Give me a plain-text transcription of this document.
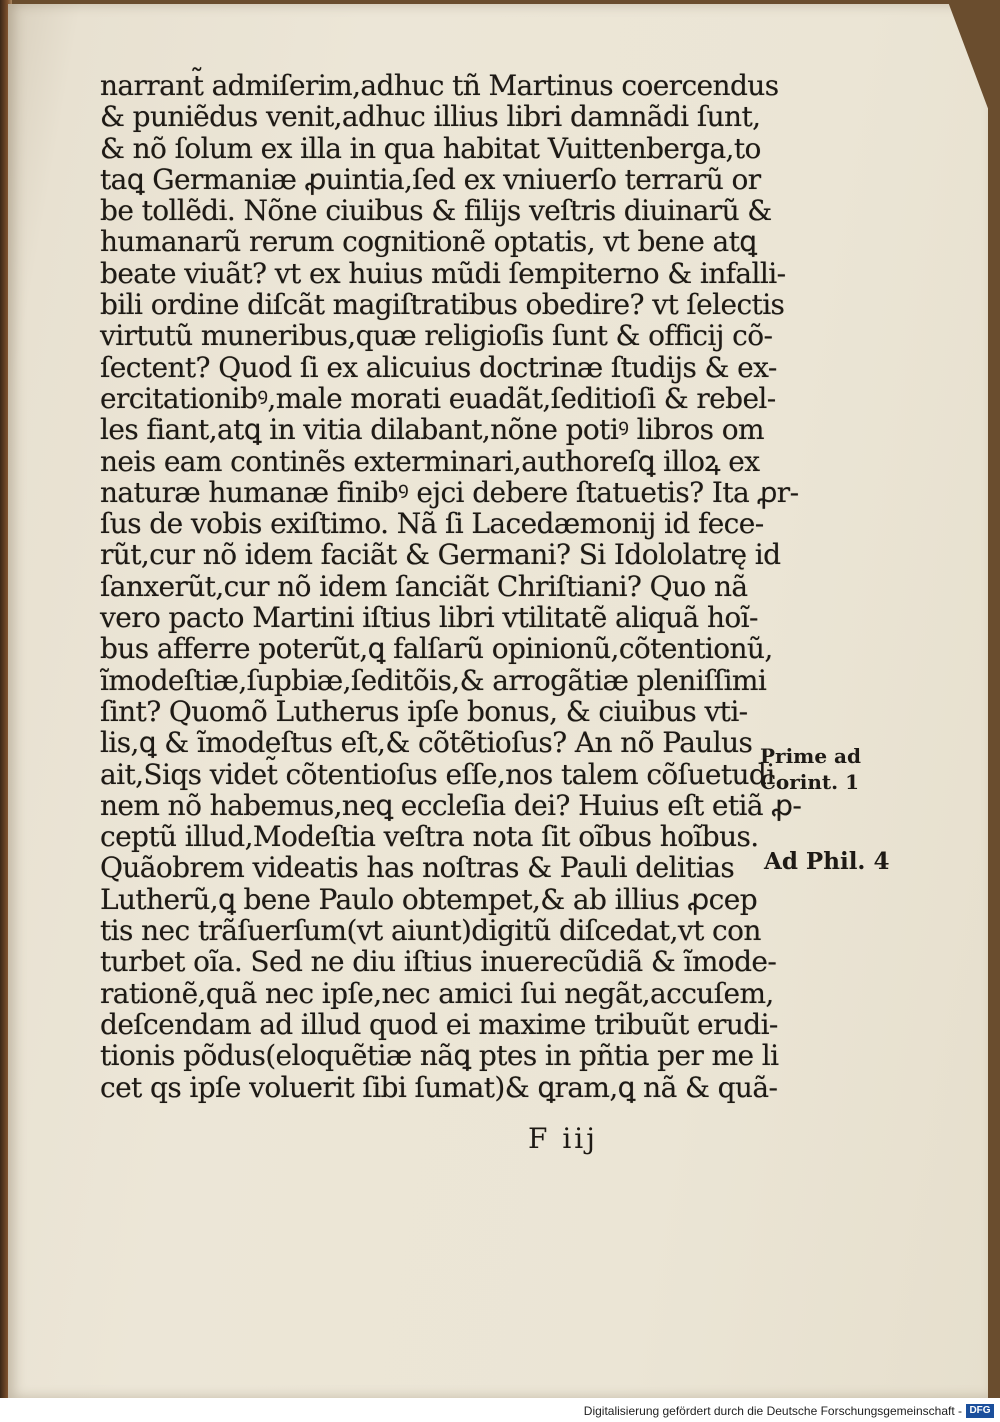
narrant̃ admiſerim,adhuc tñ Martinus coercendus
& puniẽdus venit,adhuc illius libri damnãdi ſunt,
& nõ ſolum ex illa in qua habitat Vuittenberga,to
taꝗ Germaniæ ꝓuintia,ſed ex vniuerſo terrarũ or
be tollẽdi. Nõne ciuibus & filijs veſtris diuinarũ &
humanarũ rerum cognitionẽ optatis, vt bene atꝗ
beate viuãt? vt ex huius mũdi ſempiterno & infalli-
bili ordine diſcãt magiſtratibus obedire? vt ſelectis
virtutũ muneribus,quæ religioſis ſunt & officij cõ-
ſectent? Quod ſi ex alicuius doctrinæ ſtudijs & ex-
ercitationibꝰ,male morati euadãt,ſeditioſi & rebel-
les fiant,atꝗ in vitia dilabant,nõne potiꝰ libros om
neis eam continẽs exterminari,authoreſꝗ illoꝝ ex
naturæ humanæ finibꝰ ejci debere ſtatuetis? Ita ꝓr-
ſus de vobis exiſtimo. Nã ſi Lacedæmonij id fece-
rũt,cur nõ idem faciãt & Germani? Si Idololatrę id
ſanxerũt,cur nõ idem ſanciãt Chriſtiani? Quo nã
vero pacto Martini iſtius libri vtilitatẽ aliquã hoĩ-
bus afferre poterũt,ꝗ falſarũ opinionũ,cõtentionũ,
ĩmodeſtiæ,ſupbiæ,ſeditõis,& arrogãtiæ pleniſſimi
ſint? Quomõ Lutherus ipſe bonus, & ciuibus vti-
lis,ꝗ & ĩmodeſtus eſt,& cõtẽtioſus? An nõ Paulus
ait,Siqs videt̃ cõtentioſus eſſe,nos talem cõſuetudi
nem nõ habemus,neꝗ eccleſia dei? Huius eſt etiã ꝓ-
ceptũ illud,Modeſtia veſtra nota ſit oĩbus hoĩbus.
Quãobrem videatis has noſtras & Pauli delitias
Lutherũ,ꝗ bene Paulo obtempet,& ab illius ꝓcep
tis nec trãſuerſum(vt aiunt)digitũ diſcedat,vt con
turbet oĩa. Sed ne diu iſtius inuerecũdiã & ĩmode-
rationẽ,quã nec ipſe,nec amici ſui negãt,accuſem,
deſcendam ad illud quod ei maxime tribuũt erudi-
tionis põdus(eloquẽtiæ nãꝗ ptes in pñtia per me li
cet qs ipſe voluerit ſibi ſumat)& ꝗram,ꝗ nã & quã-
F iij
Prime ad
Corint. 1
Ad Phil. 4
Digitalisierung gefördert durch die Deutsche Forschungsgemeinschaft - DFG
